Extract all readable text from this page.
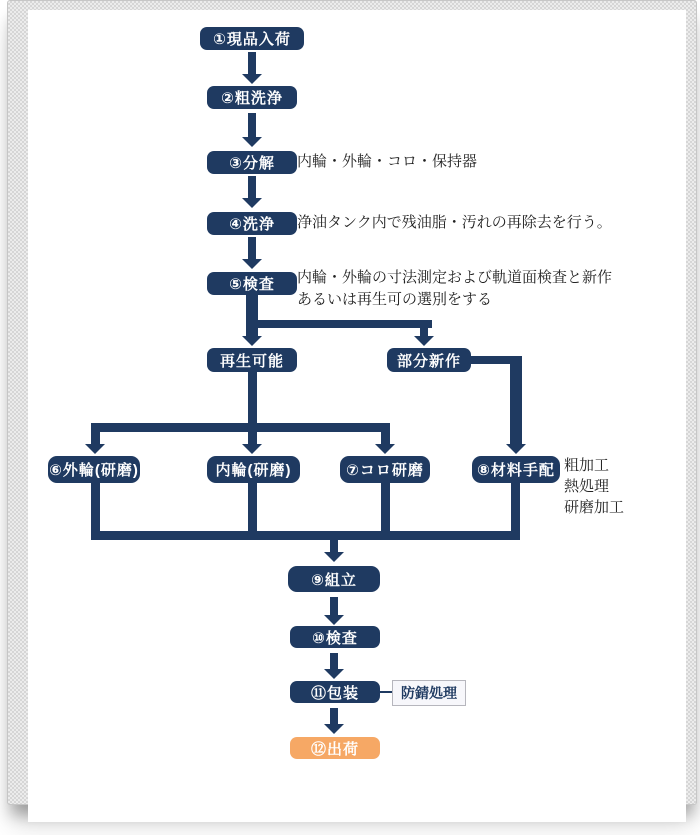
①現品入荷
②粗洗浄
③分解
④洗浄
⑤検査
内輪・外輪・コロ・保持器
浄油タンク内で残油脂・汚れの再除去を行う。
内輪・外輪の寸法測定および軌道面検査と新作
あるいは再生可の選別をする
再生可能	部分新作
⑥外輪(研磨)	内輪(研磨)	⑦コロ研磨	⑧材料手配 粗加工
熱処理
研磨加工
⑨組立
⑩検査
⑪包装	防錆処理
⑫出荷
